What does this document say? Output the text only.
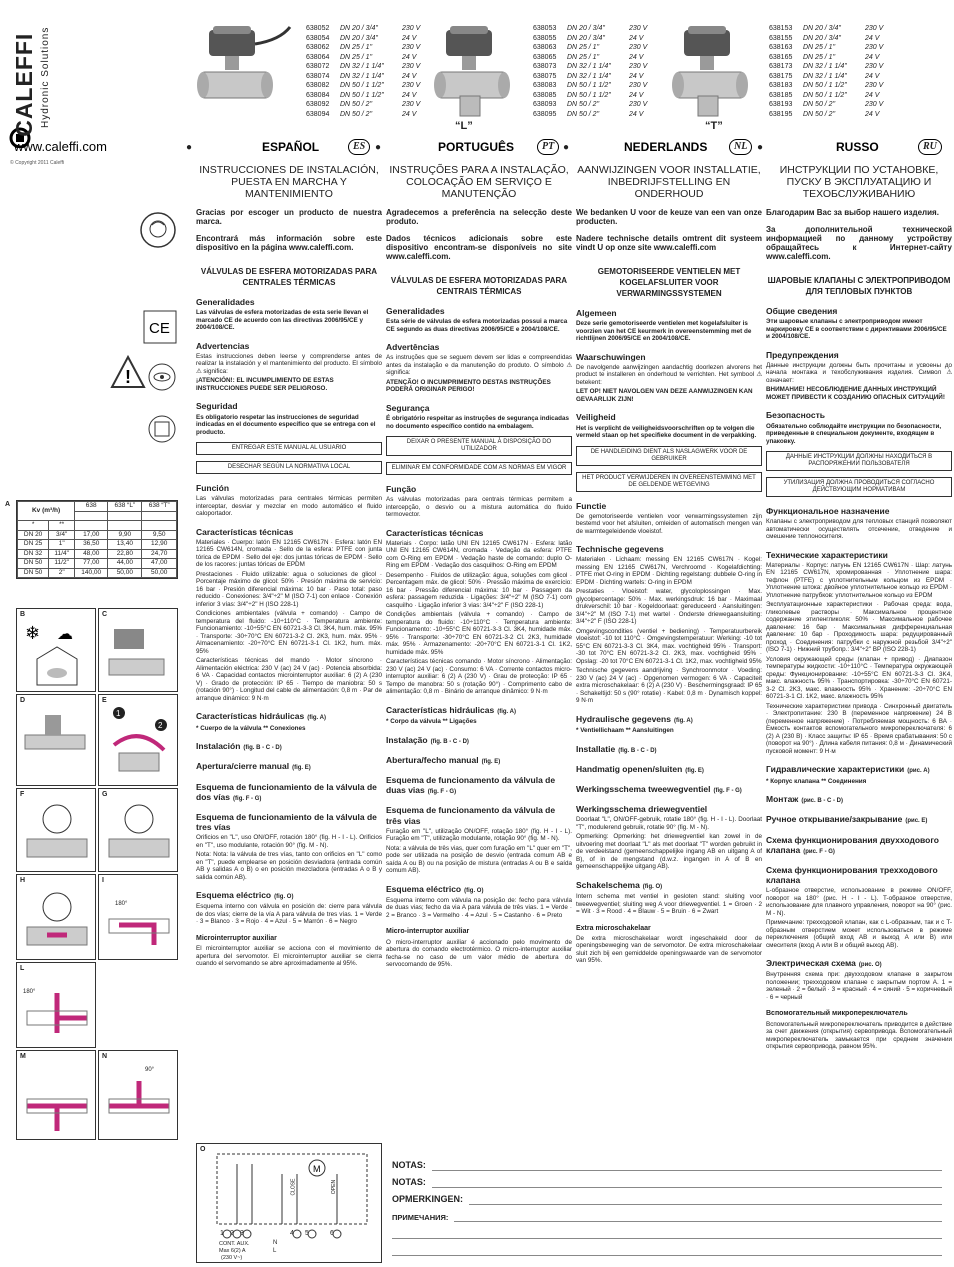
CALEFFI Hydronic Solutions	“L”	“T”
638052	DN 20 / 3/4"	230 V
638054	DN 20 / 3/4"	24 V
638062	DN 25 / 1"	230 V
638064	DN 25 / 1"	24 V
638072	DN 32 / 1 1/4"	230 V
638074	DN 32 / 1 1/4"	24 V
638082	DN 50 / 1 1/2"	230 V
638084	DN 50 / 1 1/2"	24 V
638092	DN 50 / 2"	230 V
638094	DN 50 / 2"	24 V
638053	DN 20 / 3/4"	230 V
638055	DN 20 / 3/4"	24 V
638063	DN 25 / 1"	230 V
638065	DN 25 / 1"	24 V
638073	DN 32 / 1 1/4"	230 V
638075	DN 32 / 1 1/4"	24 V
638083	DN 50 / 1 1/2"	230 V
638085	DN 50 / 1 1/2"	24 V
638093	DN 50 / 2"	230 V
638095	DN 50 / 2"	24 V
638153	DN 20 / 3/4"	230 V
638155	DN 20 / 3/4"	24 V
638163	DN 25 / 1"	230 V
638165	DN 25 / 1"	24 V
638173	DN 32 / 1 1/4"	230 V
638175	DN 32 / 1 1/4"	24 V
638183	DN 50 / 1 1/2"	230 V
638185	DN 50 / 1 1/2"	24 V
638193	DN 50 / 2"	230 V
638195	DN 50 / 2"	24 V
www.caleffi.com	●	ESPAÑOL	ES ●	PORTUGUÊS	PT ●	NEDERLANDS	NL ●	RUSSO	RU
© Copyright 2011 Caleffi
CE
!
A
Kv (m³/h)		638	638 “L”	638 “T”

*	**			
DN 20	3/4"	17,00	9,90	9,50
DN 25	1"	36,50	13,40	12,90
DN 32	11/4"	48,00	22,80	24,70
DN 50	11/2"	77,00	44,00	47,00
DN 50	2"	140,00	50,00	50,00
B
❄ ☁
C
D	E
1
2
F	G
H	I
180°
L
180°
M	N
90°
O
M
CLOSE	OPEN
1 2 3	4 5	6
CONT. AUX.
Max 6(2) A
(230 V~)
N
L
NOTAS:
NOTAS:
OPMERKINGEN:
ПРИМЕЧАНИЯ:
INSTRUCCIONES DE INSTALACIÓN, PUESTA EN MARCHA Y MANTENIMIENTO
Gracias por escoger un producto de nuestra marca.
Encontrará más información sobre este dispositivo en la página www.caleffi.com.
VÁLVULAS DE ESFERA MOTORIZADAS PARA CENTRALES TÉRMICAS
Generalidades
Las válvulas de esfera motorizadas de esta serie llevan el marcado CE de acuerdo con las directivas 2006/95/CE y 2004/108/CE.
Advertencias
Estas instrucciones deben leerse y comprenderse antes de realizar la instalación y el mantenimiento del producto. El símbolo ⚠ significa:
¡ATENCIÓN!: EL INCUMPLIMIENTO DE ESTAS INSTRUCCIONES PUEDE SER PELIGROSO.
Seguridad
Es obligatorio respetar las instrucciones de seguridad indicadas en el documento específico que se entrega con el producto.
ENTREGAR ESTE MANUAL AL USUARIO
DESECHAR SEGÚN LA NORMATIVA LOCAL
Función
Las válvulas motorizadas para centrales térmicas permiten interceptar, desviar y mezclar en modo automático el fluido caloportador.
Características técnicas
Materiales · Cuerpo: latón EN 12165 CW617N · Esfera: latón EN 12165 CW614N, cromada · Sello de la esfera: PTFE con junta tórica de EPDM · Sello del eje: dos juntas tóricas de EPDM · Sello de los racores: juntas tóricas de EPDM
Prestaciones · Fluido utilizable: agua o soluciones de glicol · Porcentaje máximo de glicol: 50% · Presión máxima de servicio: 16 bar · Presión diferencial máxima: 10 bar · Paso total: paso reducido · Conexiones: 3/4"÷2" M (ISO 7-1) con enlace · Conexión inferior 3 vías: 3/4"÷2" H (ISO 228-1)
Condiciones ambientales (válvula + comando) · Campo de temperatura del fluido: -10÷110°C · Temperatura ambiente: Funcionamiento: -10÷55°C EN 60721-3-3 Cl. 3K4, hum. máx. 95% · Transporte: -30÷70°C EN 60721-3-2 Cl. 2K3, hum. máx. 95% · Almacenamiento: -20÷70°C EN 60721-3-1 Cl. 1K2, hum. máx. 95%
Características técnicas del mando · Motor síncrono · Alimentación eléctrica: 230 V (ac) 24 V (ac) · Potencia absorbida: 6 VA · Capacidad contactos microinterruptor auxiliar: 6 (2) A (230 V) · Grado de protección: IP 65 · Tiempo de maniobra: 50 s (rotación 90°) · Longitud del cable de alimentación: 0,8 m · Par de arranque dinámico: 9 N·m
Características hidráulicas (fig. A)
* Cuerpo de la válvula ** Conexiones
Instalación (fig. B - C - D)
Apertura/cierre manual (fig. E)
Esquema de funcionamiento de la válvula de dos vías (fig. F - G)
Esquema de funcionamiento de la válvula de tres vías
Orificios en "L", uso ON/OFF, rotación 180° (fig. H - I - L). Orificios en "T", uso modulante, rotación 90° (fig. M - N).
Nota: Nota: la válvula de tres vías, tanto con orificios en "L" como en "T", puede emplearse en posición desviadora (entrada común AB y salidas A o B) o en posición mezcladora (entradas A o B y salida común AB).
Esquema eléctrico (fig. O)
Esquema interno con válvula en posición de: cierre para válvula de dos vías; cierre de la vía A para válvula de tres vías. 1 = Verde · 3 = Blanco · 3 = Rojo · 4 = Azul · 5 = Marrón · 6 = Negro
Microinterruptor auxiliar
El microinterruptor auxiliar se acciona con el movimiento de apertura del servomotor. El microinterruptor auxiliar se cierra cuando el servomando se abre aproximadamente al 95%.
INSTRUÇÕES PARA A INSTALAÇÃO, COLOCAÇÃO EM SERVIÇO E MANUTENÇÃO
Agradecemos a preferência na selecção deste produto.
Dados técnicos adicionais sobre este dispositivo encontram-se disponíveis no site www.caleffi.com.
VÁLVULAS DE ESFERA MOTORIZADAS PARA CENTRAIS TÉRMICAS
Generalidades
Esta série de válvulas de esfera motorizadas possui a marca CE segundo as duas directivas 2006/95/CE e 2004/108/CE.
Advertências
As instruções que se seguem devem ser lidas e compreendidas antes da instalação e da manutenção do produto. O símbolo ⚠ significa:
ATENÇÃO! O INCUMPRIMENTO DESTAS INSTRUÇÕES PODERÁ ORIGINAR PERIGO!
Segurança
É obrigatório respeitar as instruções de segurança indicadas no documento específico contido na embalagem.
DEIXAR O PRESENTE MANUAL À DISPOSIÇÃO DO UTILIZADOR
ELIMINAR EM CONFORMIDADE COM AS NORMAS EM VIGOR
Função
As válvulas motorizadas para centrais térmicas permitem a intercepção, o desvio ou a mistura automática do fluido termovector.
Características técnicas
Materiais · Corpo: latão UNI EN 12165 CW617N · Esfera: latão UNI EN 12165 CW614N, cromada · Vedação da esfera: PTFE com O-Ring em EPDM · Vedação haste de comando: duplo O-Ring em EPDM · Vedação dos casquilhos: O-Ring em EPDM
Desempenho · Fluidos de utilização: água, soluções com glicol · Percentagem máx. de glicol: 50% · Pressão máxima de exercício: 16 bar · Pressão diferencial máxima: 10 bar · Passagem da esfera: passagem reduzida · Ligações: 3/4"÷2" M (ISO 7-1) com casquilho · Ligação inferior 3 vias: 3/4"÷2" F (ISO 228-1)
Condições ambientais (válvula + comando) · Campo de temperatura do fluido: -10÷110°C · Temperatura ambiente: Funcionamento: -10÷55°C EN 60721-3-3 Cl. 3K4, humidade máx. 95% · Transporte: -30÷70°C EN 60721-3-2 Cl. 2K3, humidade máx. 95% · Armazenamento: -20÷70°C EN 60721-3-1 Cl. 1K2, humidade máx. 95%
Características técnicas comando · Motor síncrono · Alimentação: 230 V (ac) 24 V (ac) · Consumo: 6 VA · Corrente contactos micro-interruptor auxiliar: 6 (2) A (230 V) · Grau de protecção: IP 65 · Tempo de manobra: 50 s (rotação 90°) · Comprimento cabo de alimentação: 0,8 m · Binário de arranque dinâmico: 9 N·m
Características hidráulicas (fig. A)
* Corpo da válvula ** Ligações
Instalação (fig. B - C - D)
Abertura/fecho manual (fig. E)
Esquema de funcionamento da válvula de duas vias (fig. F - G)
Esquema de funcionamento da válvula de três vias
Furação em "L", utilização ON/OFF, rotação 180° (fig. H - I - L). Furação em "T", utilização modulante, rotação 90° (fig. M - N).
Nota: a válvula de três vias, quer com furação em "L" quer em "T", pode ser utilizada na posição de desvio (entrada comum AB e saída A ou B) ou na posição de mistura (entradas A ou B e saída comum AB).
Esquema eléctrico (fig. O)
Esquema interno com válvula na posição de: fecho para válvula de duas vias; fecho da via A para válvula de três vias. 1 = Verde · 2 = Branco · 3 = Vermelho · 4 = Azul · 5 = Castanho · 6 = Preto
Micro-interruptor auxiliar
O micro-interruptor auxiliar é accionado pelo movimento de abertura do comando electrotérmico. O micro-interruptor auxiliar fecha-se no caso de um valor médio de abertura do servocomando de 95%.
AANWIJZINGEN VOOR INSTALLATIE, INBEDRIJFSTELLING EN ONDERHOUD
We bedanken U voor de keuze van een van onze producten.
Nadere technische details omtrent dit systeem vindt U op onze site www.caleffi.com
GEMOTORISEERDE VENTIELEN MET KOGELAFSLUITER VOOR VERWARMINGSSYSTEMEN
Algemeen
Deze serie gemotoriseerde ventielen met kogelafsluiter is voorzien van het CE keurmerk in overeenstemming met de richtlijnen 2006/95/CE en 2004/108/CE.
Waarschuwingen
De navolgende aanwijzingen aandachtig doorlezen alvorens het product te installeren en onderhoud te verrichten. Het symbool ⚠ betekent:
LET OP! NIET NAVOLGEN VAN DEZE AANWIJZINGEN KAN GEVAARLIJK ZIJN!
Veiligheid
Het is verplicht de veiligheidsvoorschriften op te volgen die vermeld staan op het specifieke document in de verpakking.
DE HANDLEIDING DIENT ALS NASLAGWERK VOOR DE GEBRUIKER
HET PRODUCT VERWIJDEREN IN OVEREENSTEMMING MET DE GELDENDE WETGEVING
Functie
De gemotoriseerde ventielen voor verwarmingssystemen zijn bestemd voor het afsluiten, omleiden of automatisch mengen van de warmtegeleidende vloeistof.
Technische gegevens
Materialen · Lichaam: messing EN 12165 CW617N · Kogel: messing EN 12165 CW617N, Verchroomd · Kogelafdichting: PTFE met O-ring in EPDM · Dichting regelstang: dubbele O-ring in EPDM · Dichting wartels: O-ring in EPDM
Prestaties · Vloeistof: water, glycoloplossingen · Max. glycolpercentage: 50% · Max. werkingsdruk: 16 bar · Maximaal drukverschil: 10 bar · Kogeldoorlaat: gereduceerd · Aansluitingen: 3/4"÷2" M (ISO 7-1) met wartel · Onderste driewegaansluiting: 3/4"÷2" F (ISO 228-1)
Omgevingscondities (ventiel + bediening) · Temperatuurbereik vloeistof: -10 tot 110°C · Omgevingstemperatuur: Werking: -10 tot 55°C EN 60721-3-3 Cl. 3K4, max. vochtigheid 95% · Transport: -30 tot 70°C EN 60721-3-2 Cl. 2K3, max. vochtigheid 95% · Opslag: -20 tot 70°C EN 60721-3-1 Cl. 1K2, max. vochtigheid 95%
Technische gegevens aandrijving · Synchroonmotor · Voeding: 230 V (ac) 24 V (ac) · Opgenomen vermogen: 6 VA · Capaciteit extra microschakelaar: 6 (2) A (230 V) · Beschermingsgraad: IP 65 · Schakeltijd: 50 s (90° rotatie) · Kabel: 0,8 m · Dynamisch koppel: 9 N·m
Hydraulische gegevens (fig. A)
* Ventiellichaam ** Aansluitingen
Installatie (fig. B - C - D)
Handmatig openen/sluiten (fig. E)
Werkingsschema tweewegventiel (fig. F - G)
Werkingsschema driewegventiel
Doorlaat "L", ON/OFF-gebruik, rotatie 180° (fig. H - I - L). Doorlaat "T", modulerend gebruik, rotatie 90° (fig. M - N).
Opmerking: Opmerking: het driewegventiel kan zowel in de uitvoering met doorlaat "L" als met doorlaat "T" worden gebruikt in de verdeelstand (gemeenschappelijke ingang AB en uitgang A of B), of in de mengstand (d.w.z. ingangen in A of B en gemeenschappelijke uitgang AB).
Schakelschema (fig. O)
Intern schema met ventiel in gesloten stand: sluiting voor tweewegventiel; sluiting weg A voor driewegventiel. 1 = Groen · 2 = Wit · 3 = Rood · 4 = Blauw · 5 = Bruin · 6 = Zwart
Extra microschakelaar
De extra microschakelaar wordt ingeschakeld door de openingsbeweging van de servomotor. De extra microschakelaar sluit zich bij een gemiddelde openingswaarde van de servomotor van 95%.
ИНСТРУКЦИИ ПО УСТАНОВКЕ, ПУСКУ В ЭКСПЛУАТАЦИЮ И ТЕХОБСЛУЖИВАНИЮ
Благодарим Вас за выбор нашего изделия.
За дополнительной технической информацией по данному устройству обращайтесь к Интернет-сайту www.caleffi.com.
ШАРОВЫЕ КЛАПАНЫ С ЭЛЕКТРОПРИВОДОМ ДЛЯ ТЕПЛОВЫХ ПУНКТОВ
Общие сведения
Эти шаровые клапаны с электроприводом имеют маркировку CE в соответствии с директивами 2006/95/CE и 2004/108/CE.
Предупреждения
Данные инструкции должны быть прочитаны и усвоены до начала монтажа и техобслуживания изделия. Символ ⚠ означает:
ВНИМАНИЕ! НЕСОБЛЮДЕНИЕ ДАННЫХ ИНСТРУКЦИЙ МОЖЕТ ПРИВЕСТИ К СОЗДАНИЮ ОПАСНЫХ СИТУАЦИЙ!
Безопасность
Обязательно соблюдайте инструкции по безопасности, приведенные в специальном документе, входящем в упаковку.
ДАННЫЕ ИНСТРУКЦИИ ДОЛЖНЫ НАХОДИТЬСЯ В РАСПОРЯЖЕНИИ ПОЛЬЗОВАТЕЛЯ
УТИЛИЗАЦИЯ ДОЛЖНА ПРОВОДИТЬСЯ СОГЛАСНО ДЕЙСТВУЮЩИМ НОРМАТИВАМ
Функциональное назначение
Клапаны с электроприводом для тепловых станций позволяют автоматически осуществлять отсечение, отведение и смешение теплоносителя.
Технические характеристики
Материалы · Корпус: латунь EN 12165 CW617N · Шар: латунь EN 12165 CW617N, хромированная · Уплотнение шара: тефлон (PTFE) с уплотнительным кольцом из EPDM · Уплотнение штока: двойное уплотнительное кольцо из EPDM · Уплотнение патрубков: уплотнительное кольцо из EPDM
Эксплуатационные характеристики · Рабочая среда: вода, гликолевые растворы · Максимальное процентное содержание этиленгликоля: 50% · Максимальное рабочее давление: 16 бар · Максимальная дифференциальная давление: 10 бар · Проходимость шара: редуцированный проход · Соединения: патрубки с наружной резьбой 3/4"÷2" (ISO 7-1) · Нижний трубопр.: 3/4"÷2" ВР (ISO 228-1)
Условия окружающей среды (клапан + привод) · Диапазон температуры жидкости: -10÷110°C · Температура окружающей среды: Функционирование: -10÷55°C EN 60721-3-3 Cl. 3K4, макс. влажность 95% · Транспортировка: -30÷70°C EN 60721-3-2 Cl. 2K3, макс. влажность 95% · Хранение: -20÷70°C EN 60721-3-1 Cl. 1K2, макс. влажность 95%
Технические характеристики привода · Синхронный двигатель · Электропитание: 230 В (переменное напряжение) 24 В (переменное напряжение) · Потребляемая мощность: 6 ВА · Емкость контактов вспомогательного микропереключателя: 6 (2) А (230 В) · Класс защиты: IP 65 · Время срабатывания: 50 с (поворот на 90°) · Длина кабеля питания: 0,8 м · Динамический пусковой момент: 9 Н·м
Гидравлические характеристики (рис. A)
* Корпус клапана ** Соединения
Монтаж (рис. B - C - D)
Ручное открывание/закрывание (рис. E)
Схема функционирования двухходового клапана (рис. F - G)
Схема функционирования трехходового клапана
L-образное отверстие, использование в режиме ON/OFF, поворот на 180° (рис. H - I - L). T-образное отверстие, использование для плавного управления, поворот на 90° (рис. M - N).
Примечание: трехходовой клапан, как с L-образным, так и с T-образным отверстием может использоваться в режиме переключения (общий вход AB и выход A или B) или смесителя (вход A или B и общий выход AB).
Электрическая схема (рис. O)
Внутренняя схема при: двухходовом клапане в закрытом положении; трехходовом клапане с закрытым портом A. 1 = зеленый · 2 = белый · 3 = красный · 4 = синий · 5 = коричневый · 6 = черный
Вспомогательный микропереключатель
Вспомогательный микропереключатель приводится в действие за счет движения (открытия) сервопривода. Вспомогательный микропереключатель замыкается при среднем значении открытия сервопривода, равном 95%.
